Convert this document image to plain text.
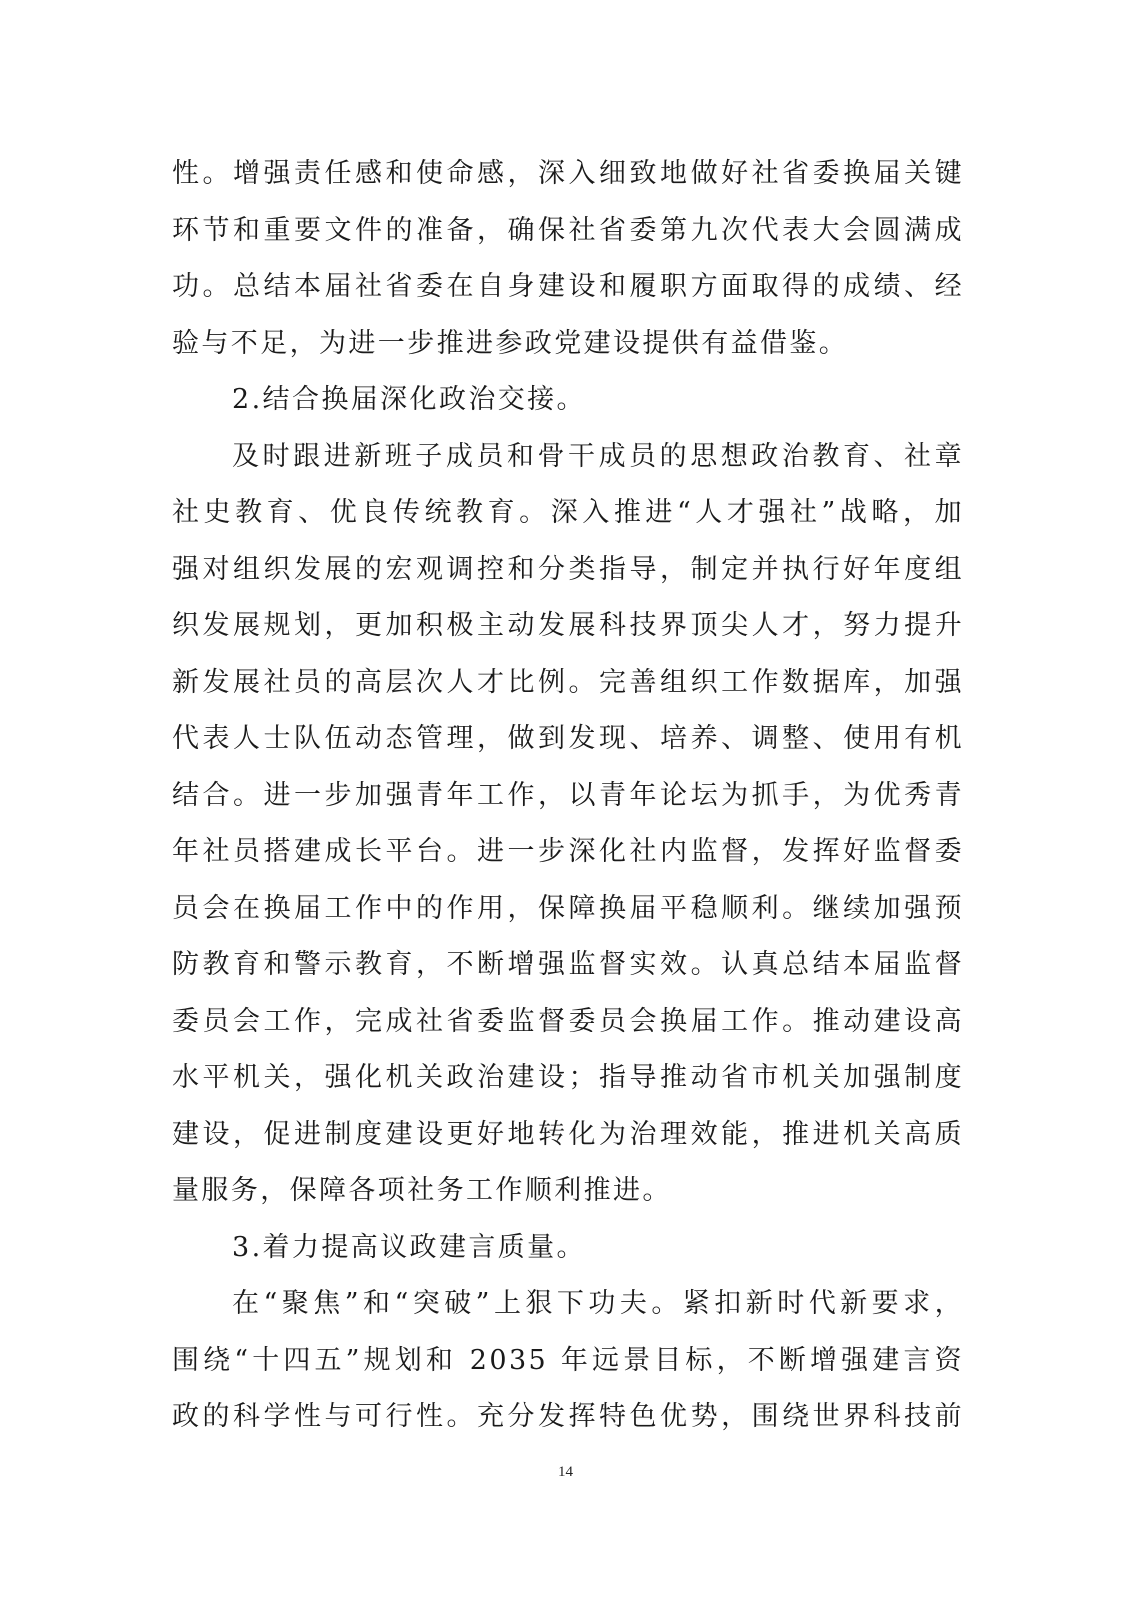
性。增强责任感和使命感，深入细致地做好社省委换届关键
环节和重要文件的准备，确保社省委第九次代表大会圆满成
功。总结本届社省委在自身建设和履职方面取得的成绩、经
验与不足，为进一步推进参政党建设提供有益借鉴。
2.结合换届深化政治交接。
及时跟进新班子成员和骨干成员的思想政治教育、社章
社史教育、优良传统教育。深入推进“人才强社”战略，加
强对组织发展的宏观调控和分类指导，制定并执行好年度组
织发展规划，更加积极主动发展科技界顶尖人才，努力提升
新发展社员的高层次人才比例。完善组织工作数据库，加强
代表人士队伍动态管理，做到发现、培养、调整、使用有机
结合。进一步加强青年工作，以青年论坛为抓手，为优秀青
年社员搭建成长平台。进一步深化社内监督，发挥好监督委
员会在换届工作中的作用，保障换届平稳顺利。继续加强预
防教育和警示教育，不断增强监督实效。认真总结本届监督
委员会工作，完成社省委监督委员会换届工作。推动建设高
水平机关，强化机关政治建设；指导推动省市机关加强制度
建设，促进制度建设更好地转化为治理效能，推进机关高质
量服务，保障各项社务工作顺利推进。
3.着力提高议政建言质量。
在“聚焦”和“突破”上狠下功夫。紧扣新时代新要求，
围绕“十四五”规划和 2035 年远景目标，不断增强建言资
政的科学性与可行性。充分发挥特色优势，围绕世界科技前
14
